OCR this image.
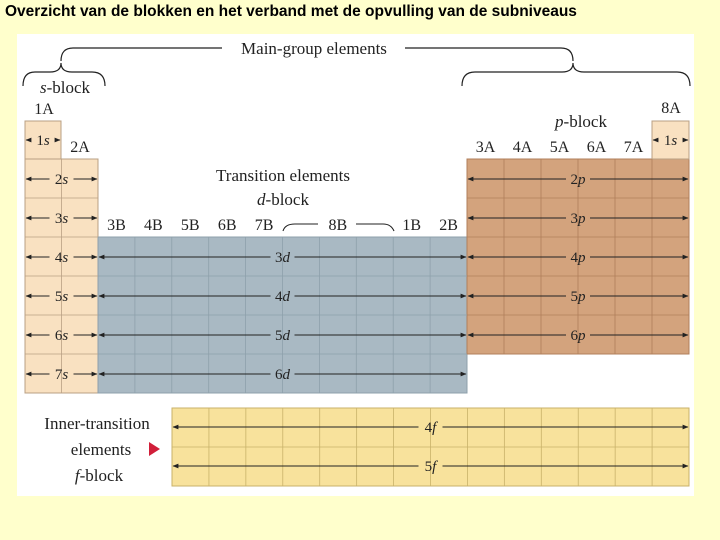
Overzicht van de blokken en het verband met de opvulling van de subniveaus
1s	1s
2s
3s
4s
5s
6s
7s
3d
4d
5d
6d
2p
3p
4p
5p
6p
4f
5f
Main-group elements
s-block
p-block
Transition elements
d-block
1A
2A
8A
3B 4B 5B 6B 7B	8B	1B 2B
3A 4A 5A 6A 7A
Inner-transition
elements
f-block
